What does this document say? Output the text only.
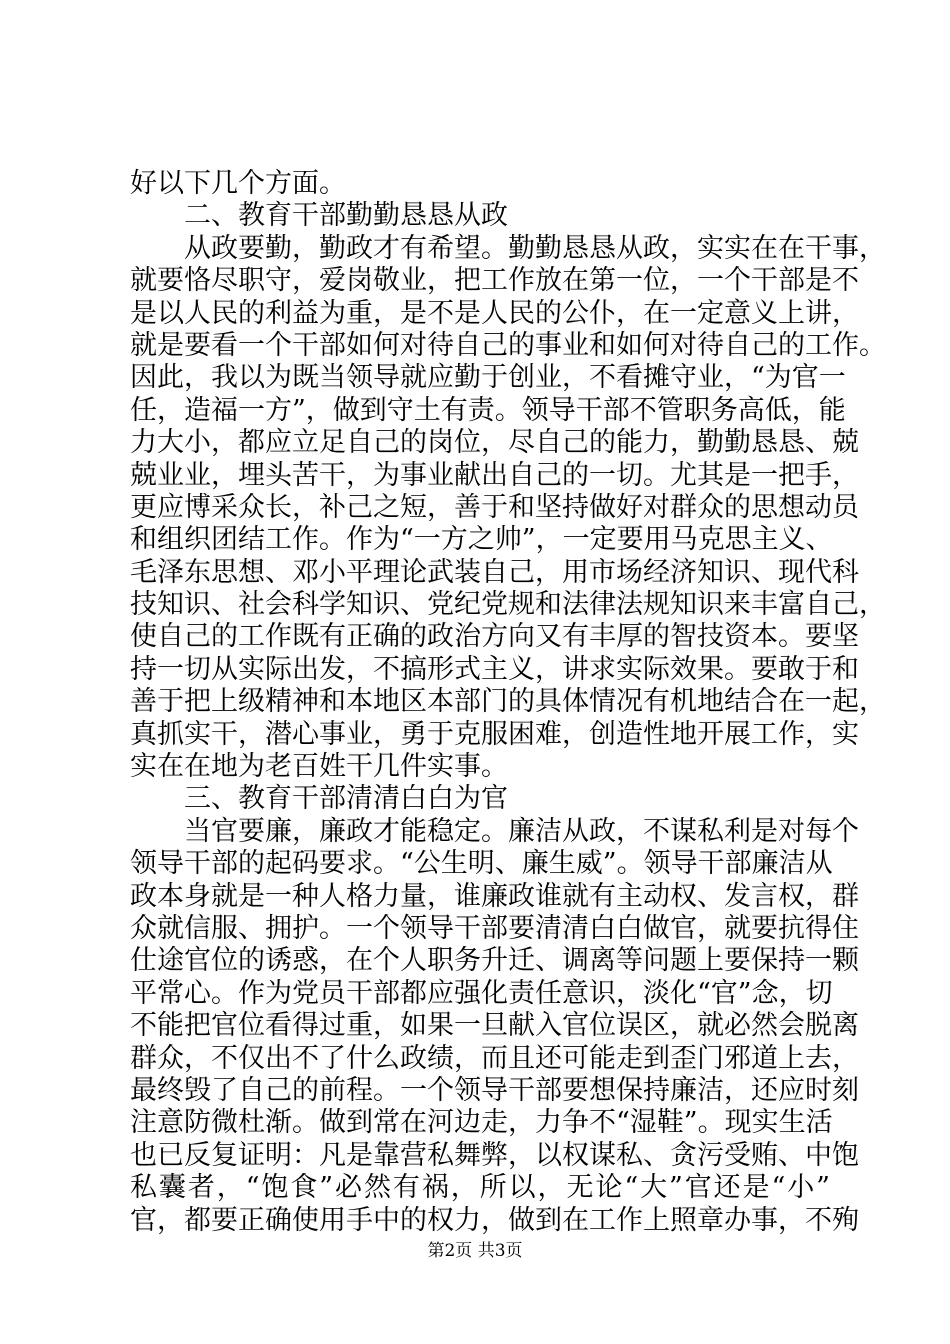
好以下几个方面。
二、教育干部勤勤恳恳从政
从政要勤，勤政才有希望。勤勤恳恳从政，实实在在干事，
就要恪尽职守，爱岗敬业，把工作放在第一位，一个干部是不
是以人民的利益为重，是不是人民的公仆，在一定意义上讲，
就是要看一个干部如何对待自己的事业和如何对待自己的工作。
因此，我以为既当领导就应勤于创业，不看摊守业，“为官一
任，造福一方”，做到守土有责。领导干部不管职务高低，能
力大小，都应立足自己的岗位，尽自己的能力，勤勤恳恳、兢
兢业业，埋头苦干，为事业献出自己的一切。尤其是一把手，
更应博采众长，补己之短，善于和坚持做好对群众的思想动员
和组织团结工作。作为“一方之帅”，一定要用马克思主义、
毛泽东思想、邓小平理论武装自己，用市场经济知识、现代科
技知识、社会科学知识、党纪党规和法律法规知识来丰富自己，
使自己的工作既有正确的政治方向又有丰厚的智技资本。要坚
持一切从实际出发，不搞形式主义，讲求实际效果。要敢于和
善于把上级精神和本地区本部门的具体情况有机地结合在一起，
真抓实干，潜心事业，勇于克服困难，创造性地开展工作，实
实在在地为老百姓干几件实事。
三、教育干部清清白白为官
当官要廉，廉政才能稳定。廉洁从政，不谋私利是对每个
领导干部的起码要求。“公生明、廉生威”。领导干部廉洁从
政本身就是一种人格力量，谁廉政谁就有主动权、发言权，群
众就信服、拥护。一个领导干部要清清白白做官，就要抗得住
仕途官位的诱惑，在个人职务升迁、调离等问题上要保持一颗
平常心。作为党员干部都应强化责任意识，淡化“官”念，切
不能把官位看得过重，如果一旦献入官位误区，就必然会脱离
群众，不仅出不了什么政绩，而且还可能走到歪门邪道上去，
最终毁了自己的前程。一个领导干部要想保持廉洁，还应时刻
注意防微杜渐。做到常在河边走，力争不“湿鞋”。现实生活
也已反复证明：凡是靠营私舞弊，以权谋私、贪污受贿、中饱
私囊者，“饱食”必然有祸，所以，无论“大”官还是“小”
官，都要正确使用手中的权力，做到在工作上照章办事，不殉
第2页 共3页
